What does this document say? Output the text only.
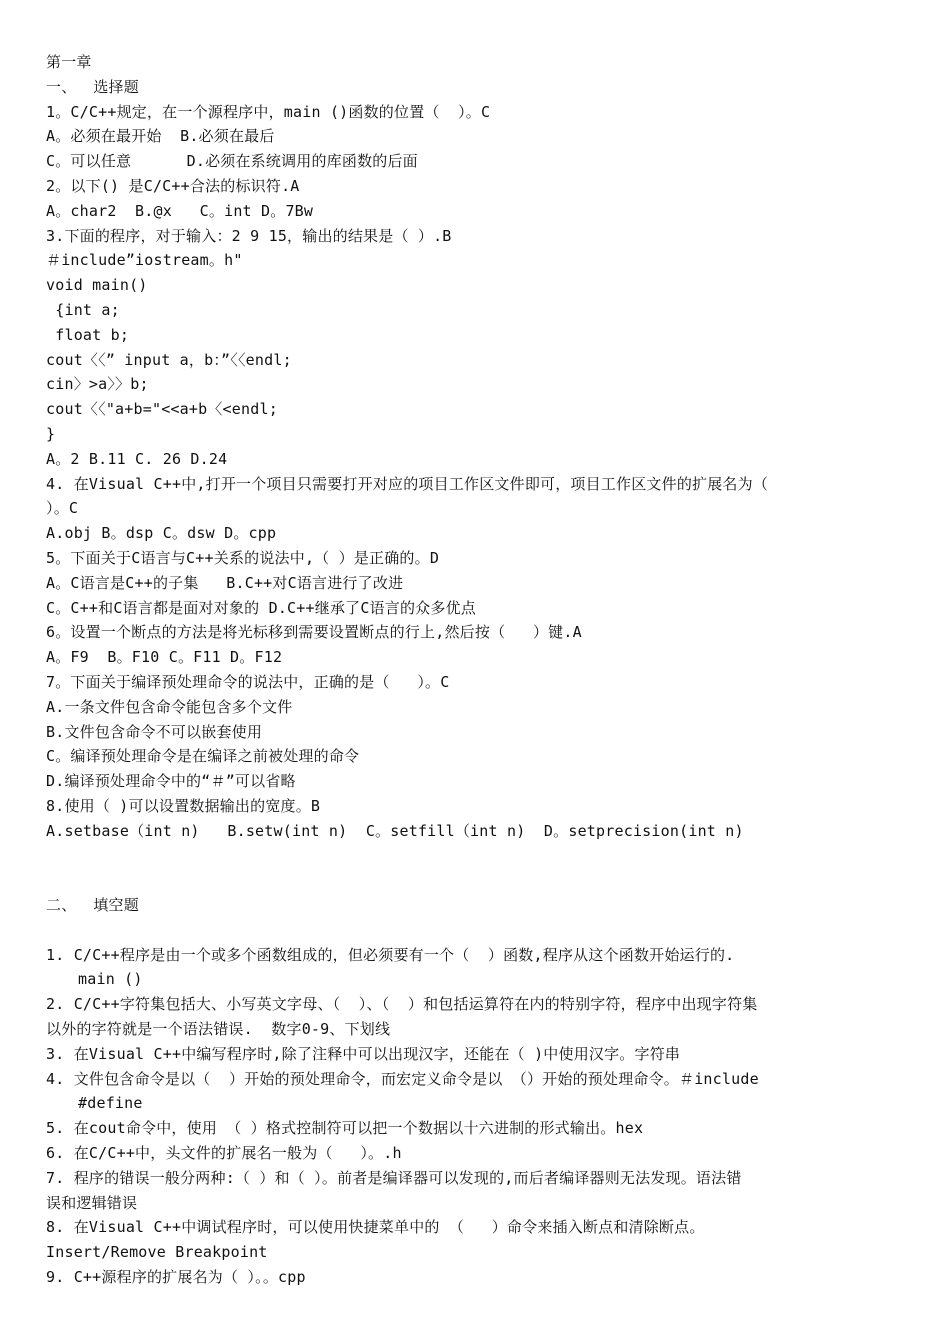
第一章
一、　 选择题
1。C/C++规定，在一个源程序中，main ()函数的位置（  ）。C
A。必须在最开始  B.必须在最后
C。可以任意      D.必须在系统调用的库函数的后面
2。以下() 是C/C++合法的标识符.A
A。char2  B.@x   C。int D。7Bw
3.下面的程序，对于输入：2 9 15，输出的结果是（ ）.B
＃include”iostream。h"
void main()
{int a;
float b;
cout〈〈” input a，b：”〈〈endl;
cin〉>a〉〉b;
cout〈〈"a+b="<<a+b〈<endl;
}
A。2 B.11 C. 26 D.24
4. 在Visual C++中,打开一个项目只需要打开对应的项目工作区文件即可，项目工作区文件的扩展名为（
）。C
A.obj B。dsp C。dsw D。cpp
5。下面关于C语言与C++关系的说法中,（ ）是正确的。D
A。C语言是C++的子集   B.C++对C语言进行了改进
C。C++和C语言都是面对对象的 D.C++继承了C语言的众多优点
6。设置一个断点的方法是将光标移到需要设置断点的行上,然后按（   ）键.A
A。F9  B。F10 C。F11 D。F12
7。下面关于编译预处理命令的说法中，正确的是（   ）。C
A.一条文件包含命令能包含多个文件
B.文件包含命令不可以嵌套使用
C。编译预处理命令是在编译之前被处理的命令
D.编译预处理命令中的“＃”可以省略
8.使用（ )可以设置数据输出的宽度。B
A.setbase（int n)   B.setw(int n)  C。setfill（int n)  D。setprecision(int n)
二、　 填空题
1. C/C++程序是由一个或多个函数组成的，但必须要有一个（  ）函数,程序从这个函数开始运行的.
main ()
2. C/C++字符集包括大、小写英文字母、（  ）、（  ）和包括运算符在内的特别字符，程序中出现字符集
以外的字符就是一个语法错误.  数字0-9、下划线
3. 在Visual C++中编写程序时,除了注释中可以出现汉字，还能在（ )中使用汉字。字符串
4. 文件包含命令是以（  ）开始的预处理命令，而宏定义命令是以 （）开始的预处理命令。＃include
#define
5. 在cout命令中，使用 （ ）格式控制符可以把一个数据以十六进制的形式输出。hex
6. 在C/C++中，头文件的扩展名一般为（   ）。.h
7. 程序的错误一般分两种:（ ）和（ ）。前者是编译器可以发现的,而后者编译器则无法发现。语法错
误和逻辑错误
8. 在Visual C++中调试程序时，可以使用快捷菜单中的 （   ）命令来插入断点和清除断点。
Insert/Remove Breakpoint
9. C++源程序的扩展名为（ ）。。cpp
